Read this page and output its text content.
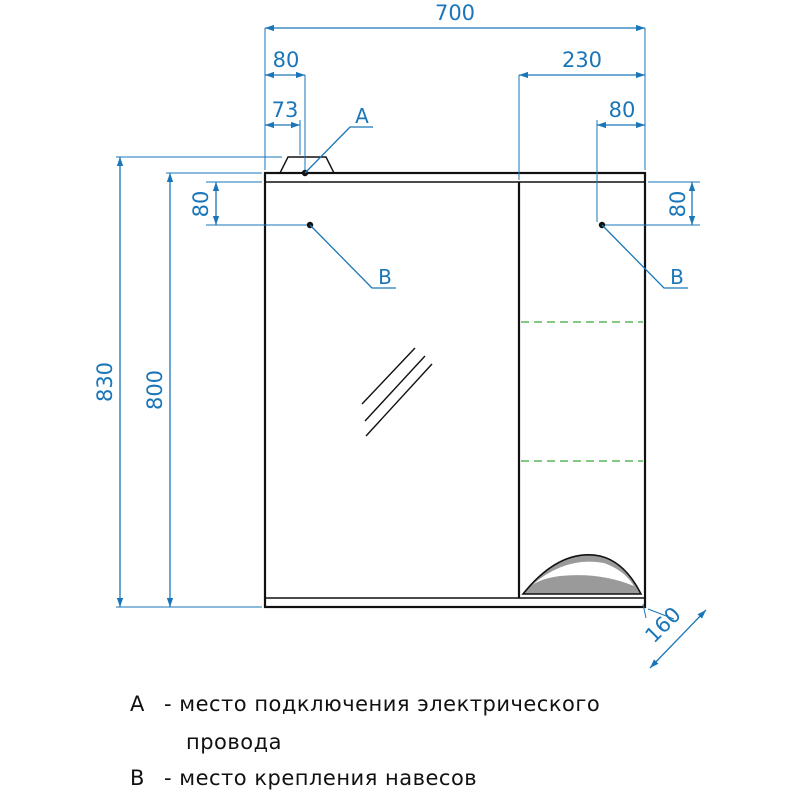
700
80
73
230
80
830 800
80	80
160
A
B	B
А - место подключения электрического
провода
В - место крепления навесов
